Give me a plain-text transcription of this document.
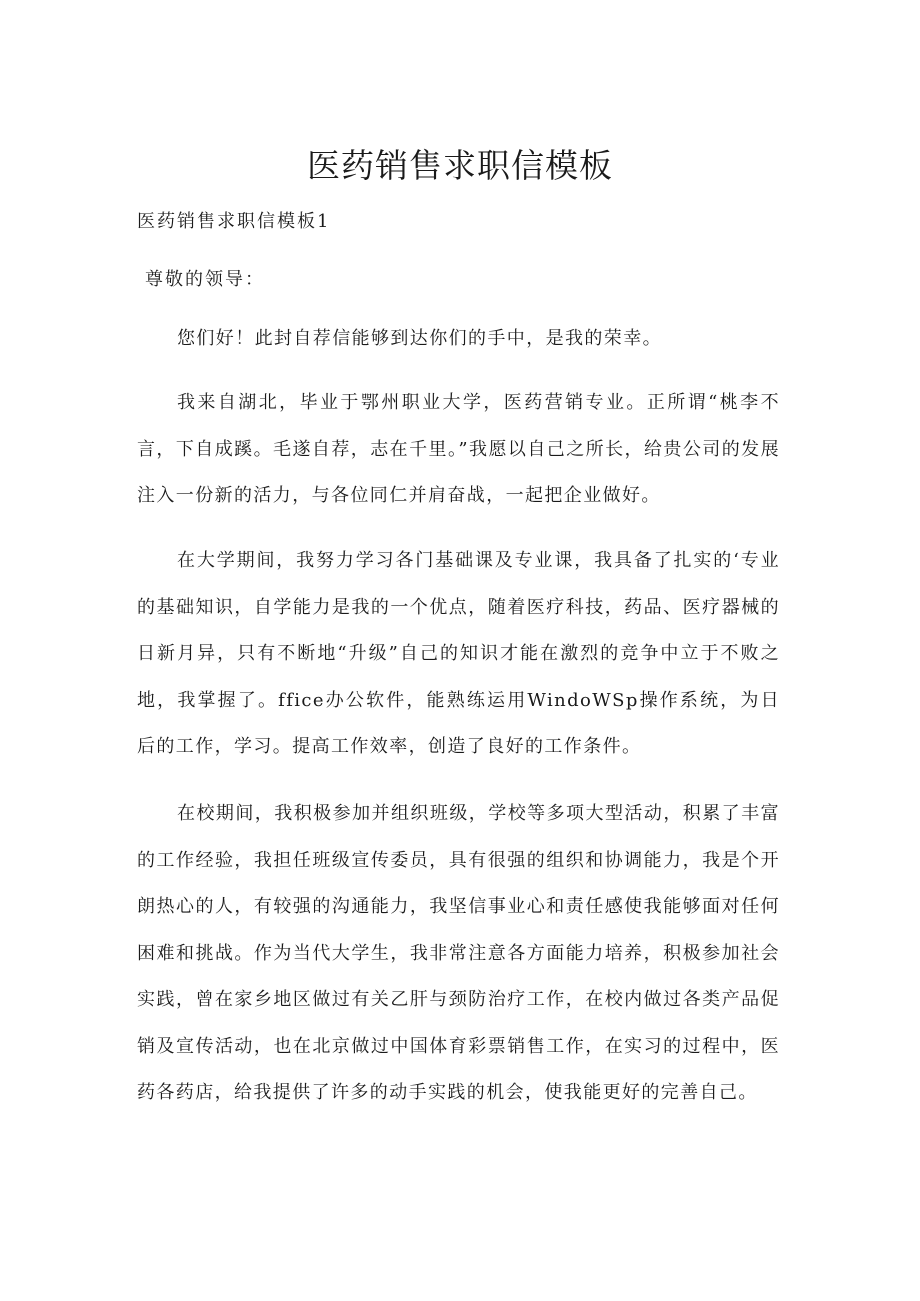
医药销售求职信模板

医药销售求职信模板1

尊敬的领导：

您们好！此封自荐信能够到达你们的手中，是我的荣幸。

我来自湖北，毕业于鄂州职业大学，医药营销专业。正所谓“桃李不言，下自成蹊。毛遂自荐，志在千里。”我愿以自己之所长，给贵公司的发展注入一份新的活力，与各位同仁并肩奋战，一起把企业做好。

在大学期间，我努力学习各门基础课及专业课，我具备了扎实的‘专业的基础知识，自学能力是我的一个优点，随着医疗科技，药品、医疗器械的日新月异，只有不断地“升级”自己的知识才能在激烈的竞争中立于不败之地，我掌握了。ffice办公软件，能熟练运用WindoWSp操作系统，为日后的工作，学习。提高工作效率，创造了良好的工作条件。

在校期间，我积极参加并组织班级，学校等多项大型活动，积累了丰富的工作经验，我担任班级宣传委员，具有很强的组织和协调能力，我是个开朗热心的人，有较强的沟通能力，我坚信事业心和责任感使我能够面对任何困难和挑战。作为当代大学生，我非常注意各方面能力培养，积极参加社会实践，曾在家乡地区做过有关乙肝与颈防治疗工作，在校内做过各类产品促销及宣传活动，也在北京做过中国体育彩票销售工作，在实习的过程中，医药各药店，给我提供了许多的动手实践的机会，使我能更好的完善自己。
